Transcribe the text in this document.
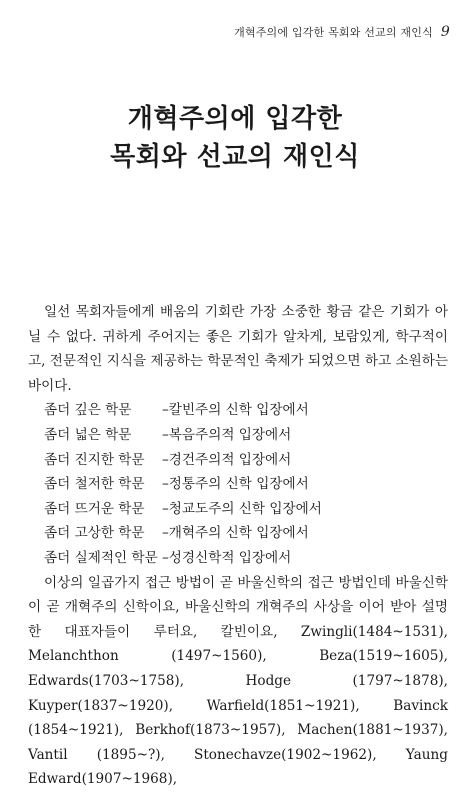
개혁주의에 입각한 목회와 선교의 재인식 9
개혁주의에 입각한
목회와 선교의 재인식

일선 목회자들에게 배움의 기회란 가장 소중한 황금 같은 기회가 아닐 수 없다. 귀하게 주어지는 좋은 기회가 알차게, 보람있게, 학구적이고, 전문적인 지식을 제공하는 학문적인 축제가 되었으면 하고 소원하는 바이다.

좀더 깊은 학문	–칼빈주의 신학 입장에서
좀더 넓은 학문	–복음주의적 입장에서
좀더 진지한 학문	–경건주의적 입장에서
좀더 철저한 학문	–정통주의 신학 입장에서
좀더 뜨거운 학문	–청교도주의 신학 입장에서
좀더 고상한 학문	–개혁주의 신학 입장에서
좀더 실제적인 학문 –성경신학적 입장에서

이상의 일곱가지 접근 방법이 곧 바울신학의 접근 방법인데 바울신학이 곧 개혁주의 신학이요, 바울신학의 개혁주의 사상을 이어 받아 설명한 대표자들이 루터요, 칼빈이요, Zwingli(1484~1531), Melanchthon (1497~1560), Beza(1519~1605), Edwards(1703~1758), Hodge (1797~1878), Kuyper(1837~1920), Warfield(1851~1921), Bavinck (1854~1921), Berkhof(1873~1957), Machen(1881~1937), Vantil (1895~?), Stonechavze(1902~1962), Yaung Edward(1907~1968),
